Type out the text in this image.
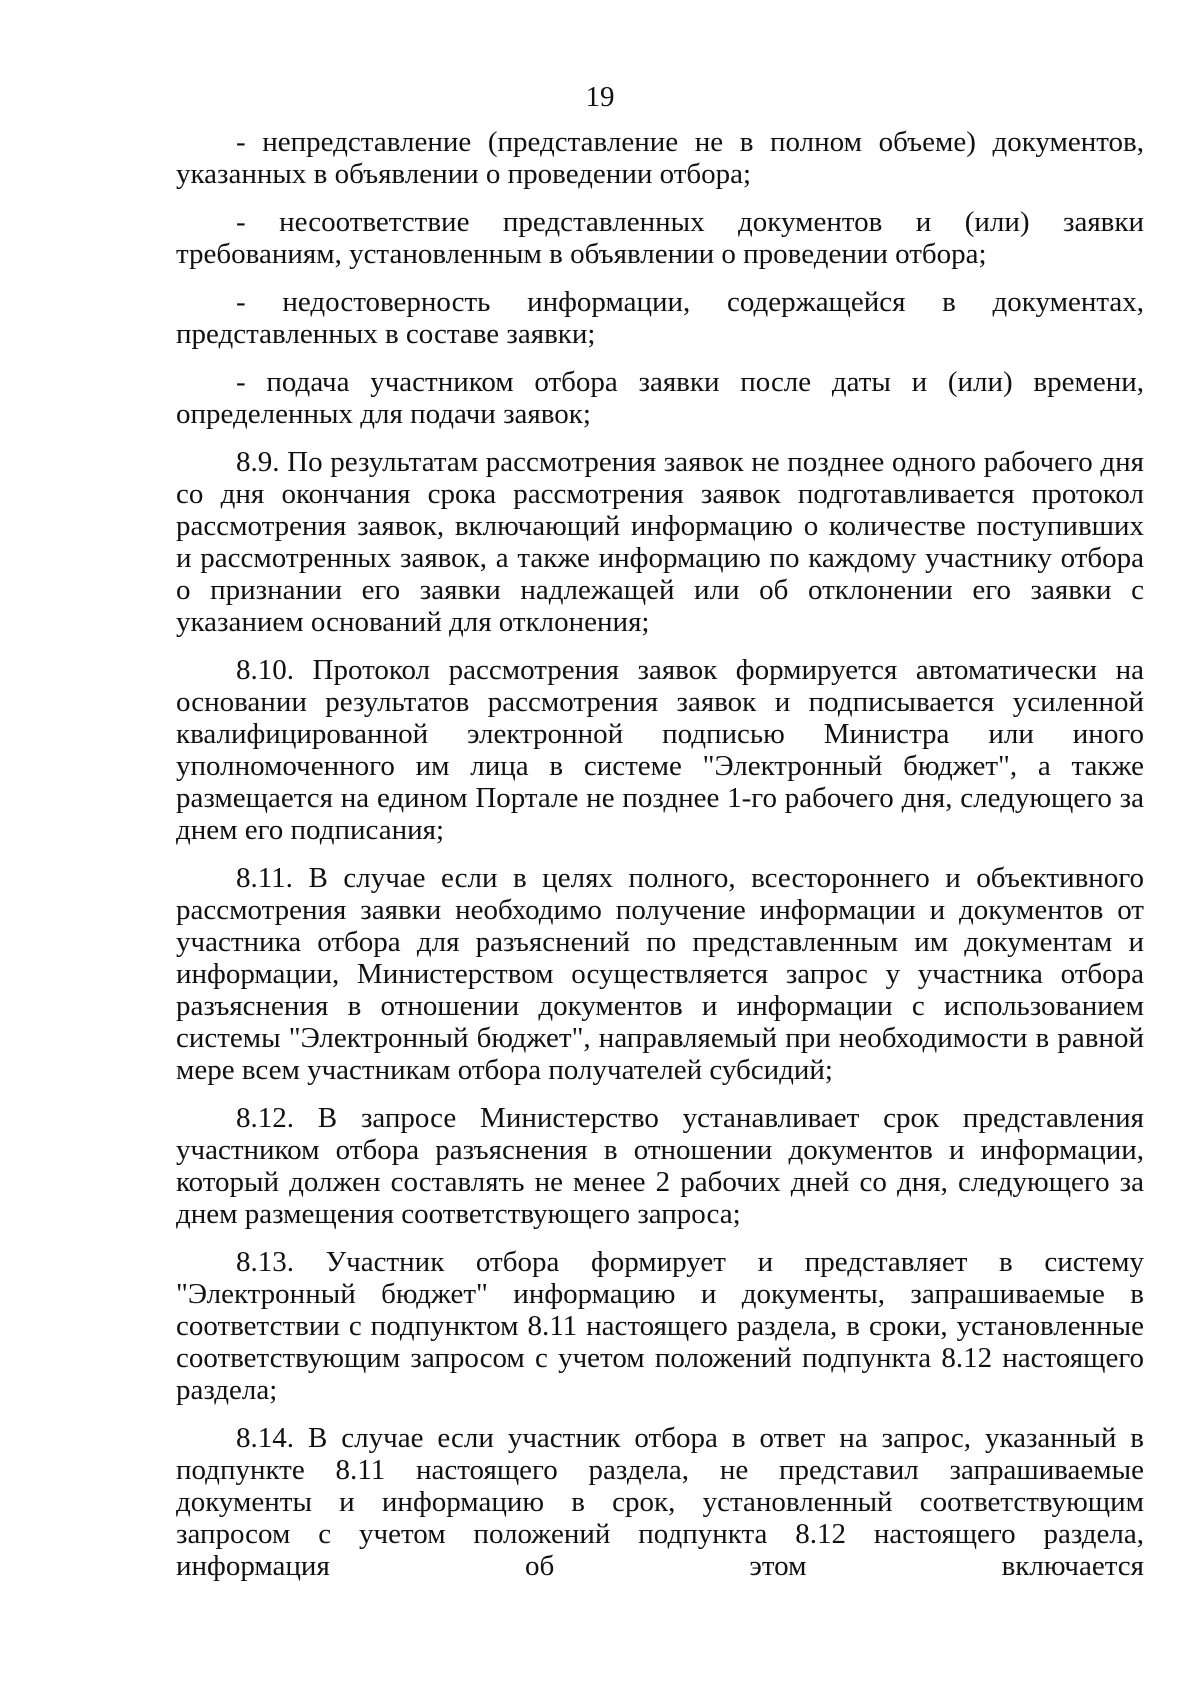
19

- непредставление (представление не в полном объеме) документов, указанных в объявлении о проведении отбора;

- несоответствие представленных документов и (или) заявки требованиям, установленным в объявлении о проведении отбора;

- недостоверность информации, содержащейся в документах, представленных в составе заявки;

- подача участником отбора заявки после даты и (или) времени, определенных для подачи заявок;

8.9. По результатам рассмотрения заявок не позднее одного рабочего дня со дня окончания срока рассмотрения заявок подготавливается протокол рассмотрения заявок, включающий информацию о количестве поступивших и рассмотренных заявок, а также информацию по каждому участнику отбора о признании его заявки надлежащей или об отклонении его заявки с указанием оснований для отклонения;

8.10. Протокол рассмотрения заявок формируется автоматически на основании результатов рассмотрения заявок и подписывается усиленной квалифицированной электронной подписью Министра или иного уполномоченного им лица в системе "Электронный бюджет", а также размещается на едином Портале не позднее 1-го рабочего дня, следующего за днем его подписания;

8.11. В случае если в целях полного, всестороннего и объективного рассмотрения заявки необходимо получение информации и документов от участника отбора для разъяснений по представленным им документам и информации, Министерством осуществляется запрос у участника отбора разъяснения в отношении документов и информации с использованием системы "Электронный бюджет", направляемый при необходимости в равной мере всем участникам отбора получателей субсидий;

8.12. В запросе Министерство устанавливает срок представления участником отбора разъяснения в отношении документов и информации, который должен составлять не менее 2 рабочих дней со дня, следующего за днем размещения соответствующего запроса;

8.13. Участник отбора формирует и представляет в систему "Электронный бюджет" информацию и документы, запрашиваемые в соответствии с подпунктом 8.11 настоящего раздела, в сроки, установленные соответствующим запросом с учетом положений подпункта 8.12 настоящего раздела;

8.14. В случае если участник отбора в ответ на запрос, указанный в подпункте 8.11 настоящего раздела, не представил запрашиваемые документы и информацию в срок, установленный соответствующим запросом с учетом положений подпункта 8.12 настоящего раздела, информация об этом включается
